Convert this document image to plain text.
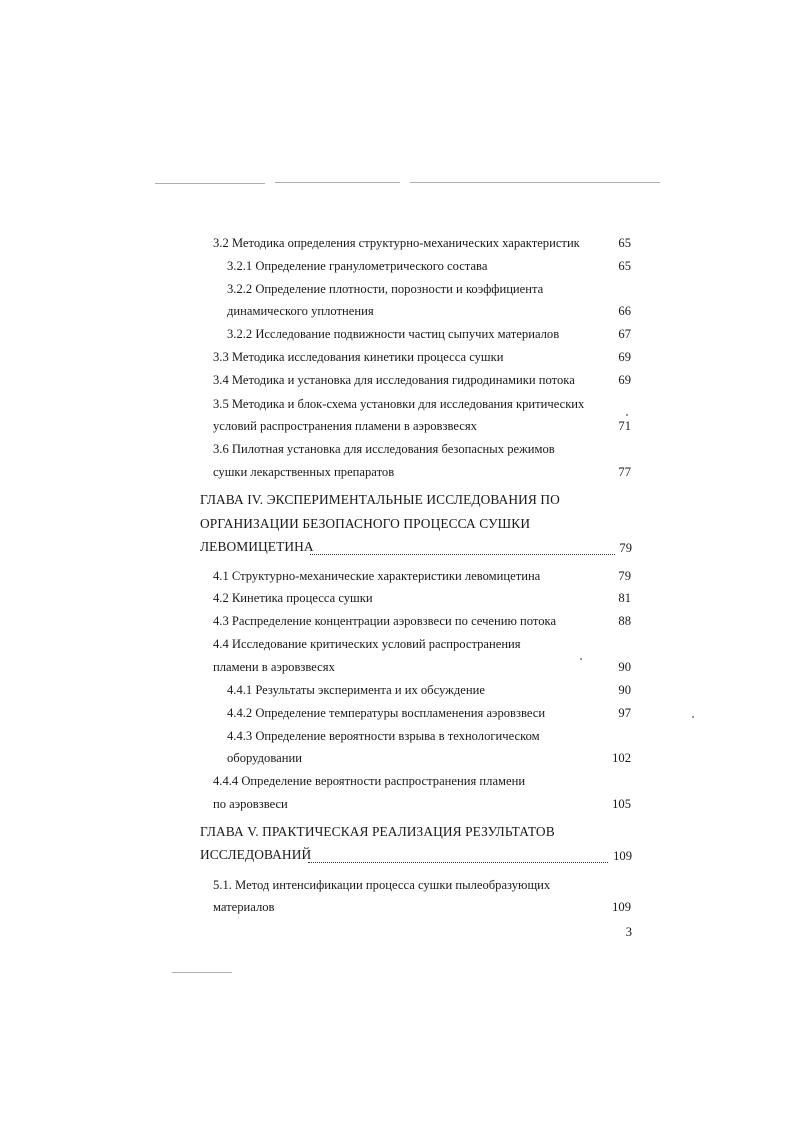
3.2 Методика определения структурно-механических характеристик	65
3.2.1 Определение гранулометрического состава	65
3.2.2 Определение плотности, порозности и коэффициента
динамического уплотнения	66
3.2.2 Исследование подвижности частиц сыпучих материалов	67
3.3 Методика исследования кинетики процесса сушки	69
3.4 Методика и установка для исследования гидродинамики потока	69
3.5 Методика и блок-схема установки для исследования критических
условий распространения пламени в аэровзвесях	71
3.6 Пилотная установка для исследования безопасных режимов
сушки лекарственных препаратов	77
ГЛАВА IV. ЭКСПЕРИМЕНТАЛЬНЫЕ ИССЛЕДОВАНИЯ ПО
ОРГАНИЗАЦИИ БЕЗОПАСНОГО ПРОЦЕССА СУШКИ
ЛЕВОМИЦЕТИНА	79
4.1 Структурно-механические характеристики левомицетина	79
4.2 Кинетика процесса сушки	81
4.3 Распределение концентрации аэровзвеси по сечению потока	88
4.4 Исследование критических условий распространения
пламени в аэровзвесях	90
4.4.1 Результаты эксперимента и их обсуждение	90
4.4.2 Определение температуры воспламенения аэровзвеси	97
4.4.3 Определение вероятности взрыва в технологическом
оборудовании	102
4.4.4 Определение вероятности распространения пламени
по аэровзвеси	105
ГЛАВА V. ПРАКТИЧЕСКАЯ РЕАЛИЗАЦИЯ РЕЗУЛЬТАТОВ
ИССЛЕДОВАНИЙ	109
5.1. Метод интенсификации процесса сушки пылеобразующих
материалов	109
3
